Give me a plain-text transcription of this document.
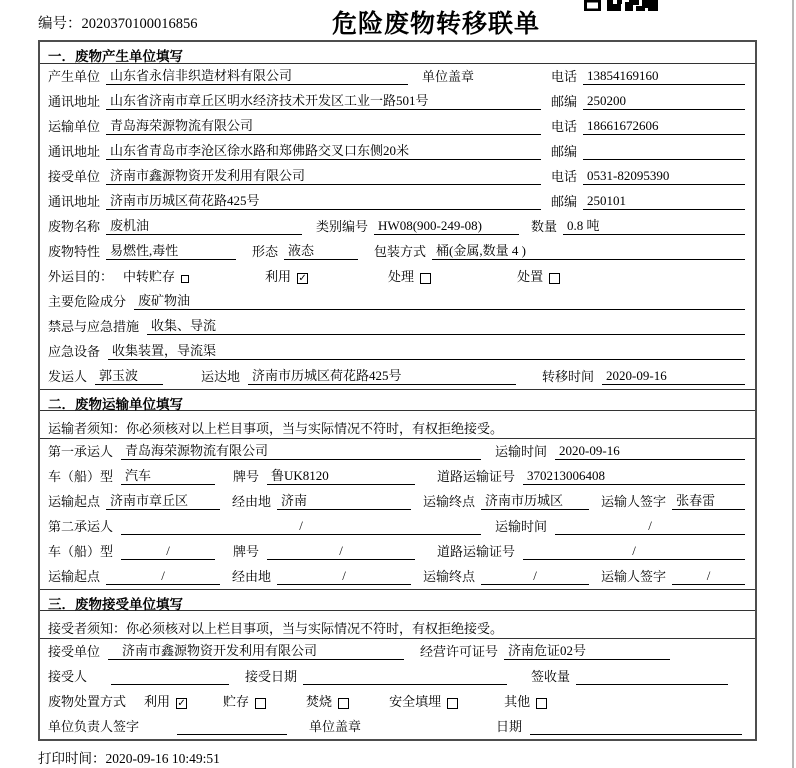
编号：2020370100016856	危险废物转移联单
一．废物产生单位填写
产生单位 山东省永信非织造材料有限公司	单位盖章	电话 13854169160
通讯地址 山东省济南市章丘区明水经济技术开发区工业一路501号	邮编 250200
运输单位 青岛海荣源物流有限公司	电话 18661672606
通讯地址 山东省青岛市李沧区徐水路和郑佛路交叉口东侧20米	邮编
接受单位 济南市鑫源物资开发利用有限公司	电话 0531-82095390
通讯地址 济南市历城区荷花路425号	邮编 250101
废物名称 废机油	类别编号 HW08(900-249-08)	数量 0.8 吨
废物特性 易燃性,毒性	形态 液态	包装方式 桶(金属,数量 4 )
外运目的： 中转贮存	利用 ✓	处理	处置
主要危险成分 废矿物油
禁忌与应急措施 收集、导流
应急设备 收集装置，导流渠
发运人 郭玉波	运达地 济南市历城区荷花路425号	转移时间 2020-09-16
二．废物运输单位填写
运输者须知：你必须核对以上栏目事项，当与实际情况不符时，有权拒绝接受。
第一承运人 青岛海荣源物流有限公司	运输时间 2020-09-16
车（船）型 汽车	牌号 鲁UK8120	道路运输证号 370213006408
运输起点 济南市章丘区	经由地 济南	运输终点 济南市历城区	运输人签字 张春雷
第二承运人	/	运输时间	/
车（船）型	/	牌号	/	道路运输证号	/
运输起点	/	经由地	/	运输终点	/	运输人签字	/
三．废物接受单位填写
接受者须知：你必须核对以上栏目事项，当与实际情况不符时，有权拒绝接受。
接受单位	济南市鑫源物资开发利用有限公司	经营许可证号 济南危证02号
接受人	接受日期	签收量
废物处置方式 利用 ✓	贮存	焚烧	安全填埋	其他
单位负责人签字	单位盖章	日期
打印时间：2020-09-16 10:49:51
